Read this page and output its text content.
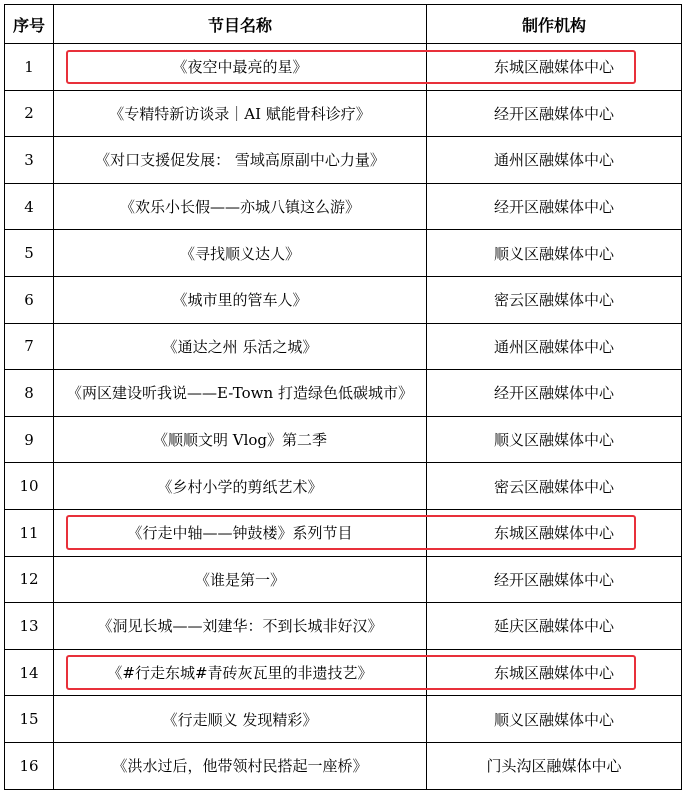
序号	节目名称	制作机构
1	《夜空中最亮的星》	东城区融媒体中心
2	《专精特新访谈录｜AI 赋能骨科诊疗》	经开区融媒体中心
3	《对口支援促发展： 雪域高原副中心力量》	通州区融媒体中心
4	《欢乐小长假——亦城八镇这么游》	经开区融媒体中心
5	《寻找顺义达人》	顺义区融媒体中心
6	《城市里的管车人》	密云区融媒体中心
7	《通达之州 乐活之城》	通州区融媒体中心
8	《两区建设听我说——E-Town 打造绿色低碳城市》	经开区融媒体中心
9	《顺顺文明 Vlog》第二季	顺义区融媒体中心
10	《乡村小学的剪纸艺术》	密云区融媒体中心
11	《行走中轴——钟鼓楼》系列节目	东城区融媒体中心
12	《谁是第一》	经开区融媒体中心
13	《洞见长城——刘建华：不到长城非好汉》	延庆区融媒体中心
14	《#行走东城#青砖灰瓦里的非遗技艺》	东城区融媒体中心
15	《行走顺义 发现精彩》	顺义区融媒体中心
16	《洪水过后，他带领村民搭起一座桥》	门头沟区融媒体中心
